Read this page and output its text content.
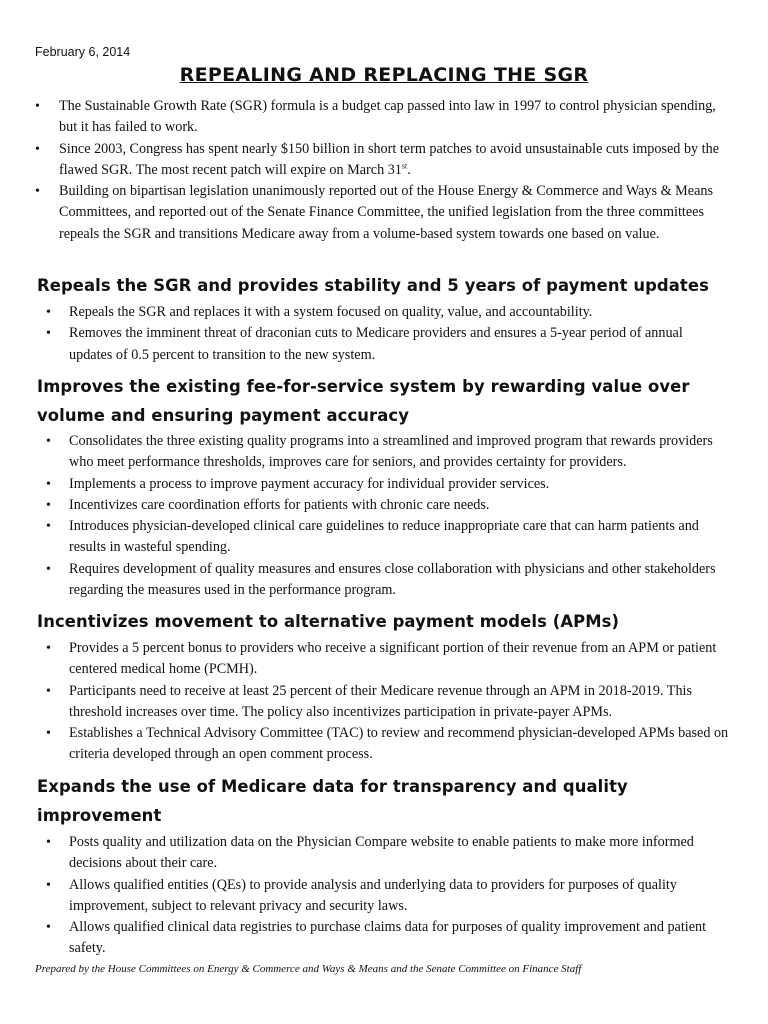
February 6, 2014
REPEALING AND REPLACING THE SGR
• The Sustainable Growth Rate (SGR) formula is a budget cap passed into law in 1997 to control physician spending, but it has failed to work.
• Since 2003, Congress has spent nearly $150 billion in short term patches to avoid unsustainable cuts imposed by the flawed SGR. The most recent patch will expire on March 31st.
• Building on bipartisan legislation unanimously reported out of the House Energy & Commerce and Ways & Means Committees, and reported out of the Senate Finance Committee, the unified legislation from the three committees repeals the SGR and transitions Medicare away from a volume-based system towards one based on value.
Repeals the SGR and provides stability and 5 years of payment updates
• Repeals the SGR and replaces it with a system focused on quality, value, and accountability.
• Removes the imminent threat of draconian cuts to Medicare providers and ensures a 5-year period of annual updates of 0.5 percent to transition to the new system.
Improves the existing fee-for-service system by rewarding value over volume and ensuring payment accuracy
• Consolidates the three existing quality programs into a streamlined and improved program that rewards providers who meet performance thresholds, improves care for seniors, and provides certainty for providers.
• Implements a process to improve payment accuracy for individual provider services.
• Incentivizes care coordination efforts for patients with chronic care needs.
• Introduces physician-developed clinical care guidelines to reduce inappropriate care that can harm patients and results in wasteful spending.
• Requires development of quality measures and ensures close collaboration with physicians and other stakeholders regarding the measures used in the performance program.
Incentivizes movement to alternative payment models (APMs)
• Provides a 5 percent bonus to providers who receive a significant portion of their revenue from an APM or patient centered medical home (PCMH).
• Participants need to receive at least 25 percent of their Medicare revenue through an APM in 2018-2019. This threshold increases over time. The policy also incentivizes participation in private-payer APMs.
• Establishes a Technical Advisory Committee (TAC) to review and recommend physician-developed APMs based on criteria developed through an open comment process.
Expands the use of Medicare data for transparency and quality improvement
• Posts quality and utilization data on the Physician Compare website to enable patients to make more informed decisions about their care.
• Allows qualified entities (QEs) to provide analysis and underlying data to providers for purposes of quality improvement, subject to relevant privacy and security laws.
• Allows qualified clinical data registries to purchase claims data for purposes of quality improvement and patient safety.
Prepared by the House Committees on Energy & Commerce and Ways & Means and the Senate Committee on Finance Staff
